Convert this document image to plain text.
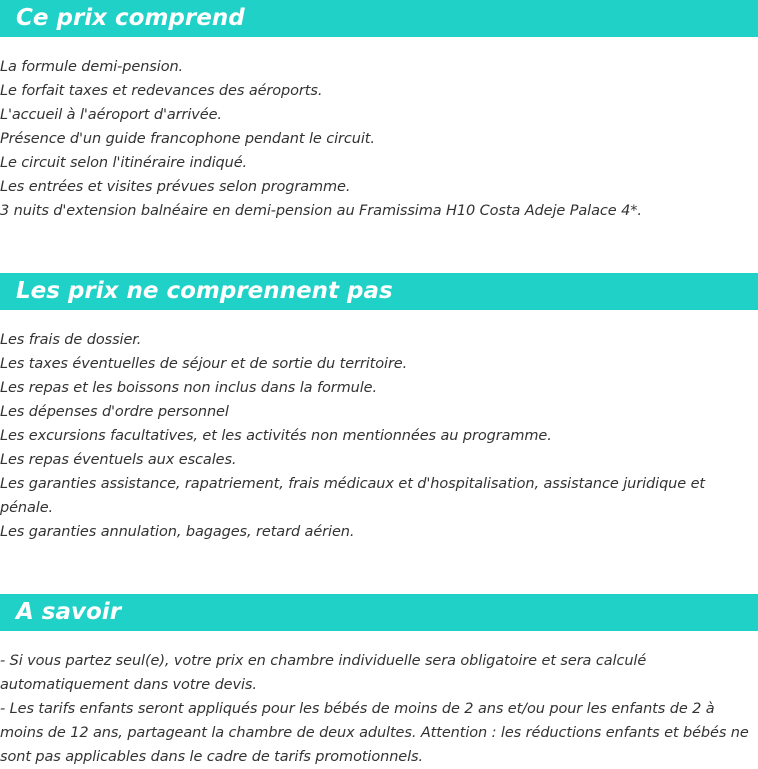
Ce prix comprend

La formule demi-pension.

Le forfait taxes et redevances des aéroports.

L'accueil à l'aéroport d'arrivée.

Présence d'un guide francophone pendant le circuit.

Le circuit selon l'itinéraire indiqué.

Les entrées et visites prévues selon programme.

3 nuits d'extension balnéaire en demi-pension au Framissima H10 Costa Adeje Palace 4*.

Les prix ne comprennent pas

Les frais de dossier.

Les taxes éventuelles de séjour et de sortie du territoire.

Les repas et les boissons non inclus dans la formule.

Les dépenses d'ordre personnel

Les excursions facultatives, et les activités non mentionnées au programme.

Les repas éventuels aux escales.

Les garanties assistance, rapatriement, frais médicaux et d'hospitalisation, assistance juridique et pénale.

Les garanties annulation, bagages, retard aérien.

A savoir

- Si vous partez seul(e), votre prix en chambre individuelle sera obligatoire et sera calculé automatiquement dans votre devis.

- Les tarifs enfants seront appliqués pour les bébés de moins de 2 ans et/ou pour les enfants de 2 à moins de 12 ans, partageant la chambre de deux adultes. Attention : les réductions enfants et bébés ne sont pas applicables dans le cadre de tarifs promotionnels.
